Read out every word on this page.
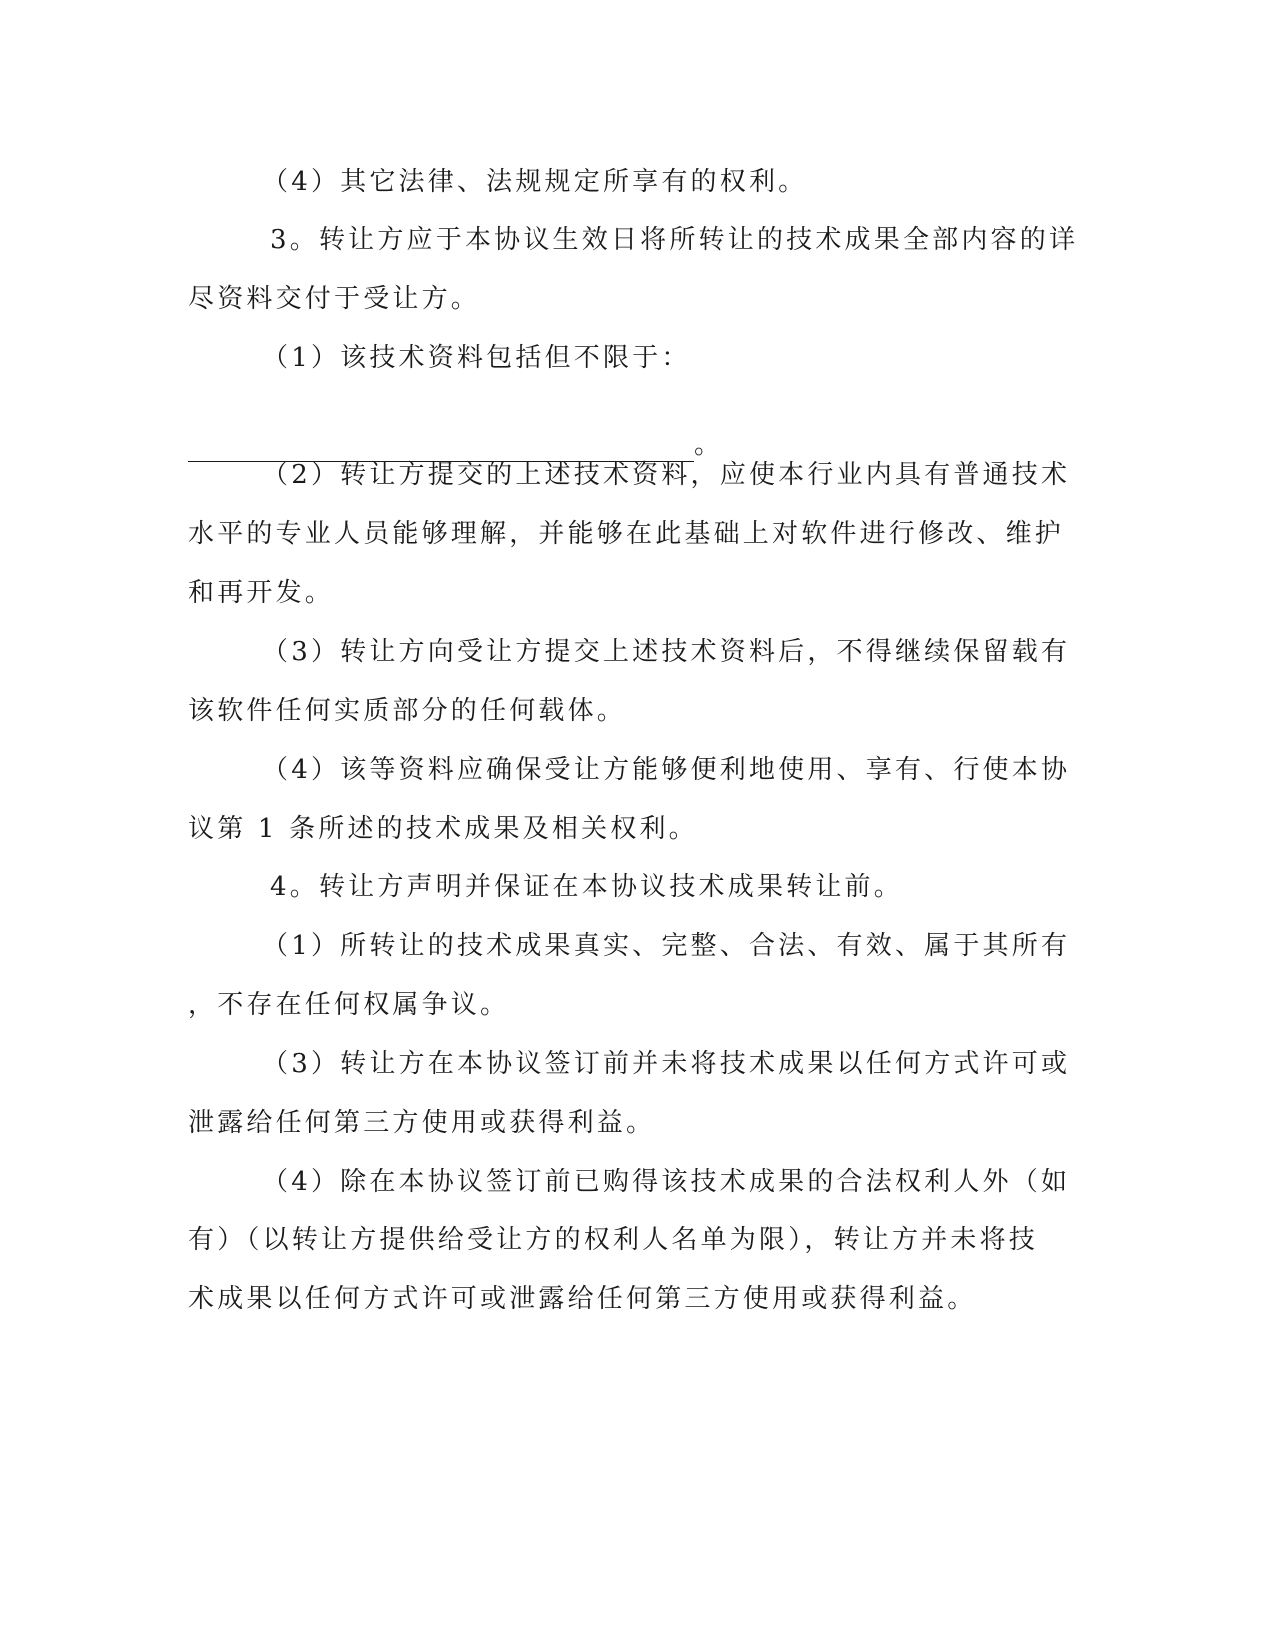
（4）其它法律、法规规定所享有的权利。
3。转让方应于本协议生效日将所转让的技术成果全部内容的详
尽资料交付于受让方。
（1）该技术资料包括但不限于：
。
（2）转让方提交的上述技术资料，应使本行业内具有普通技术
水平的专业人员能够理解，并能够在此基础上对软件进行修改、维护
和再开发。
（3）转让方向受让方提交上述技术资料后，不得继续保留载有
该软件任何实质部分的任何载体。
（4）该等资料应确保受让方能够便利地使用、享有、行使本协
议第 1 条所述的技术成果及相关权利。
4。转让方声明并保证在本协议技术成果转让前。
（1）所转让的技术成果真实、完整、合法、有效、属于其所有
，不存在任何权属争议。
（3）转让方在本协议签订前并未将技术成果以任何方式许可或
泄露给任何第三方使用或获得利益。
（4）除在本协议签订前已购得该技术成果的合法权利人外（如
有）（以转让方提供给受让方的权利人名单为限），转让方并未将技
术成果以任何方式许可或泄露给任何第三方使用或获得利益。
